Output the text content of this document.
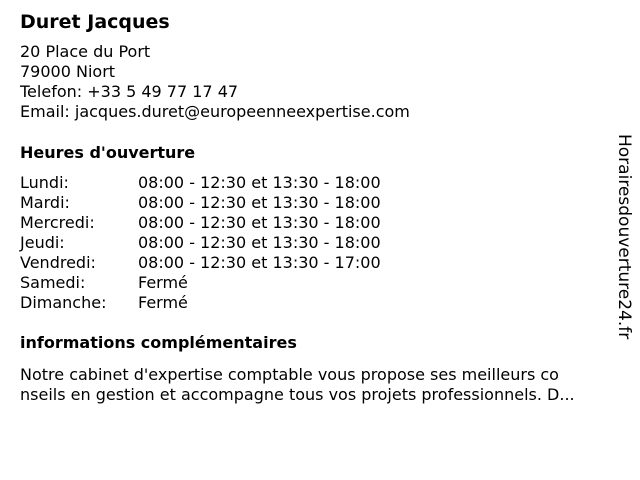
Duret Jacques
20 Place du Port
79000 Niort
Telefon: +33 5 49 77 17 47
Email: jacques.duret@europeenneexpertise.com
Heures d'ouverture
Lundi:	08:00 - 12:30 et 13:30 - 18:00
Mardi:	08:00 - 12:30 et 13:30 - 18:00
Mercredi:	08:00 - 12:30 et 13:30 - 18:00
Jeudi:	08:00 - 12:30 et 13:30 - 18:00
Vendredi:	08:00 - 12:30 et 13:30 - 17:00
Samedi:	Fermé
Dimanche:	Fermé
informations complémentaires
Notre cabinet d'expertise comptable vous propose ses meilleurs co
nseils en gestion et accompagne tous vos projets professionnels. D...
Horairesdouverture24.fr
